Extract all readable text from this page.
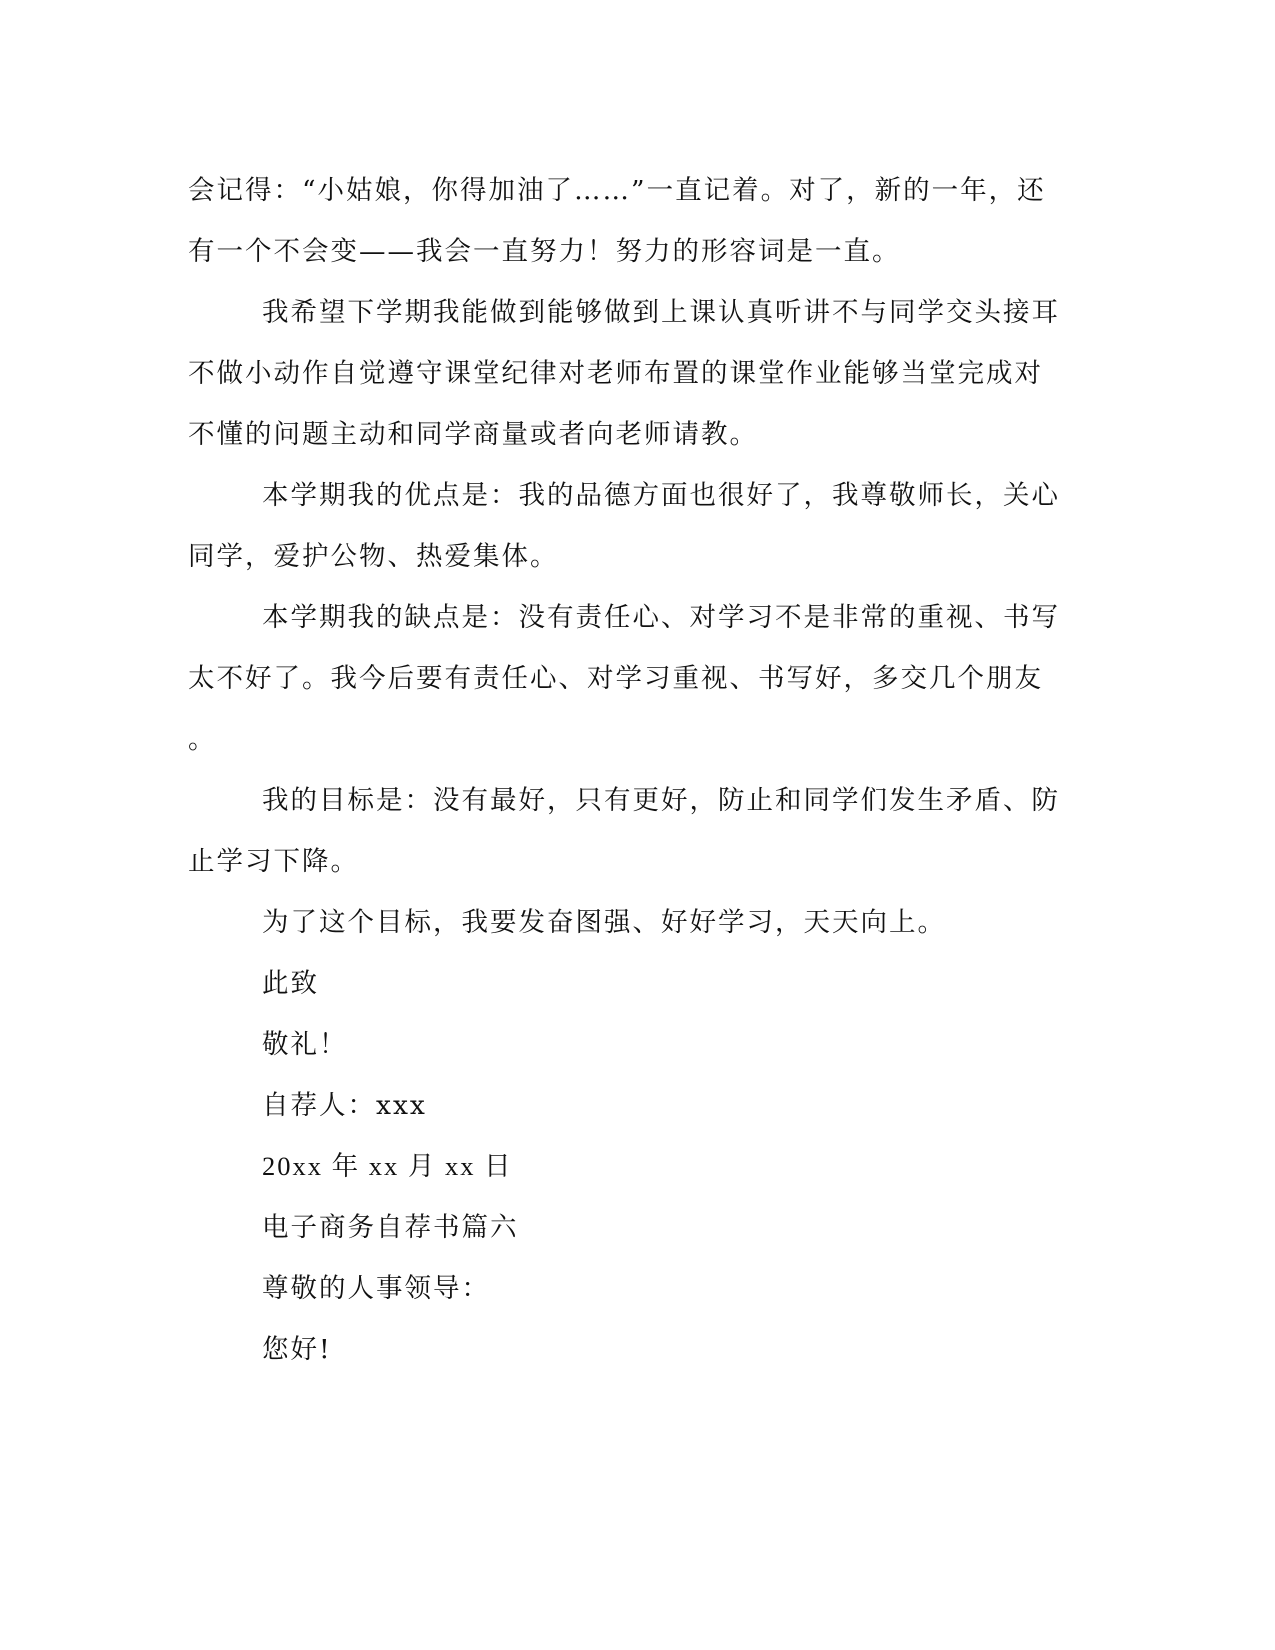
会记得：“小姑娘，你得加油了……”一直记着。对了，新的一年，还
有一个不会变——我会一直努力！努力的形容词是一直。
我希望下学期我能做到能够做到上课认真听讲不与同学交头接耳
不做小动作自觉遵守课堂纪律对老师布置的课堂作业能够当堂完成对
不懂的问题主动和同学商量或者向老师请教。
本学期我的优点是：我的品德方面也很好了，我尊敬师长，关心
同学，爱护公物、热爱集体。
本学期我的缺点是：没有责任心、对学习不是非常的重视、书写
太不好了。我今后要有责任心、对学习重视、书写好，多交几个朋友
。
我的目标是：没有最好，只有更好，防止和同学们发生矛盾、防
止学习下降。
为了这个目标，我要发奋图强、好好学习，天天向上。
此致
敬礼！
自荐人：xxx
20xx 年 xx 月 xx 日
电子商务自荐书篇六
尊敬的人事领导：
您好!
